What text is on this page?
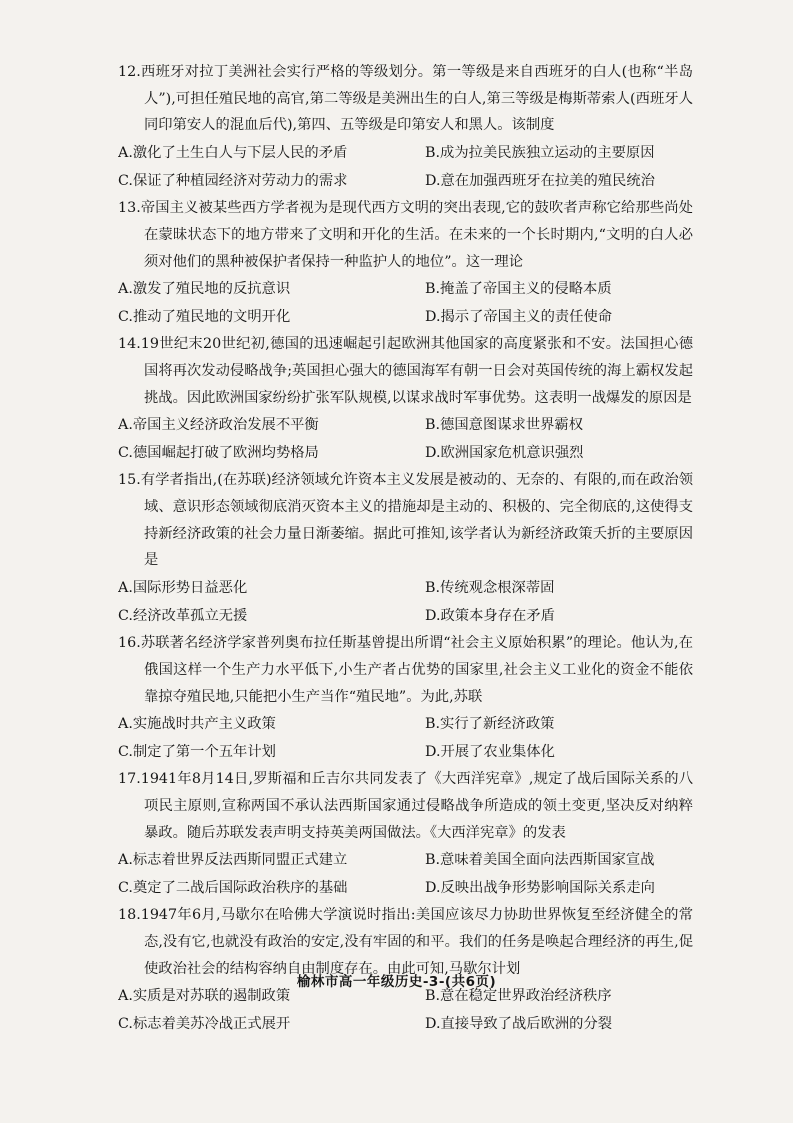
12.西班牙对拉丁美洲社会实行严格的等级划分。第一等级是来自西班牙的白人(也称“半岛人”),可担任殖民地的高官,第二等级是美洲出生的白人,第三等级是梅斯蒂索人(西班牙人同印第安人的混血后代),第四、五等级是印第安人和黑人。该制度
A.激化了土生白人与下层人民的矛盾	B.成为拉美民族独立运动的主要原因
C.保证了种植园经济对劳动力的需求	D.意在加强西班牙在拉美的殖民统治
13.帝国主义被某些西方学者视为是现代西方文明的突出表现,它的鼓吹者声称它给那些尚处在蒙昧状态下的地方带来了文明和开化的生活。在未来的一个长时期内,“文明的白人必须对他们的黑种被保护者保持一种监护人的地位”。这一理论
A.激发了殖民地的反抗意识	B.掩盖了帝国主义的侵略本质
C.推动了殖民地的文明开化	D.揭示了帝国主义的责任使命
14.19世纪末20世纪初,德国的迅速崛起引起欧洲其他国家的高度紧张和不安。法国担心德国将再次发动侵略战争;英国担心强大的德国海军有朝一日会对英国传统的海上霸权发起挑战。因此欧洲国家纷纷扩张军队规模,以谋求战时军事优势。这表明一战爆发的原因是
A.帝国主义经济政治发展不平衡	B.德国意图谋求世界霸权
C.德国崛起打破了欧洲均势格局	D.欧洲国家危机意识强烈
15.有学者指出,(在苏联)经济领域允许资本主义发展是被动的、无奈的、有限的,而在政治领域、意识形态领域彻底消灭资本主义的措施却是主动的、积极的、完全彻底的,这使得支持新经济政策的社会力量日渐萎缩。据此可推知,该学者认为新经济政策夭折的主要原因是
A.国际形势日益恶化	B.传统观念根深蒂固
C.经济改革孤立无援	D.政策本身存在矛盾
16.苏联著名经济学家普列奥布拉任斯基曾提出所谓“社会主义原始积累”的理论。他认为,在俄国这样一个生产力水平低下,小生产者占优势的国家里,社会主义工业化的资金不能依靠掠夺殖民地,只能把小生产当作“殖民地”。为此,苏联
A.实施战时共产主义政策	B.实行了新经济政策
C.制定了第一个五年计划	D.开展了农业集体化
17.1941年8月14日,罗斯福和丘吉尔共同发表了《大西洋宪章》,规定了战后国际关系的八项民主原则,宣称两国不承认法西斯国家通过侵略战争所造成的领土变更,坚决反对纳粹暴政。随后苏联发表声明支持英美两国做法。《大西洋宪章》的发表
A.标志着世界反法西斯同盟正式建立	B.意味着美国全面向法西斯国家宣战
C.奠定了二战后国际政治秩序的基础	D.反映出战争形势影响国际关系走向
18.1947年6月,马歇尔在哈佛大学演说时指出:美国应该尽力协助世界恢复至经济健全的常态,没有它,也就没有政治的安定,没有牢固的和平。我们的任务是唤起合理经济的再生,促使政治社会的结构容纳自由制度存在。由此可知,马歇尔计划
A.实质是对苏联的遏制政策	B.意在稳定世界政治经济秩序
C.标志着美苏冷战正式展开	D.直接导致了战后欧洲的分裂
榆林市高一年级历史-3-(共6页)
